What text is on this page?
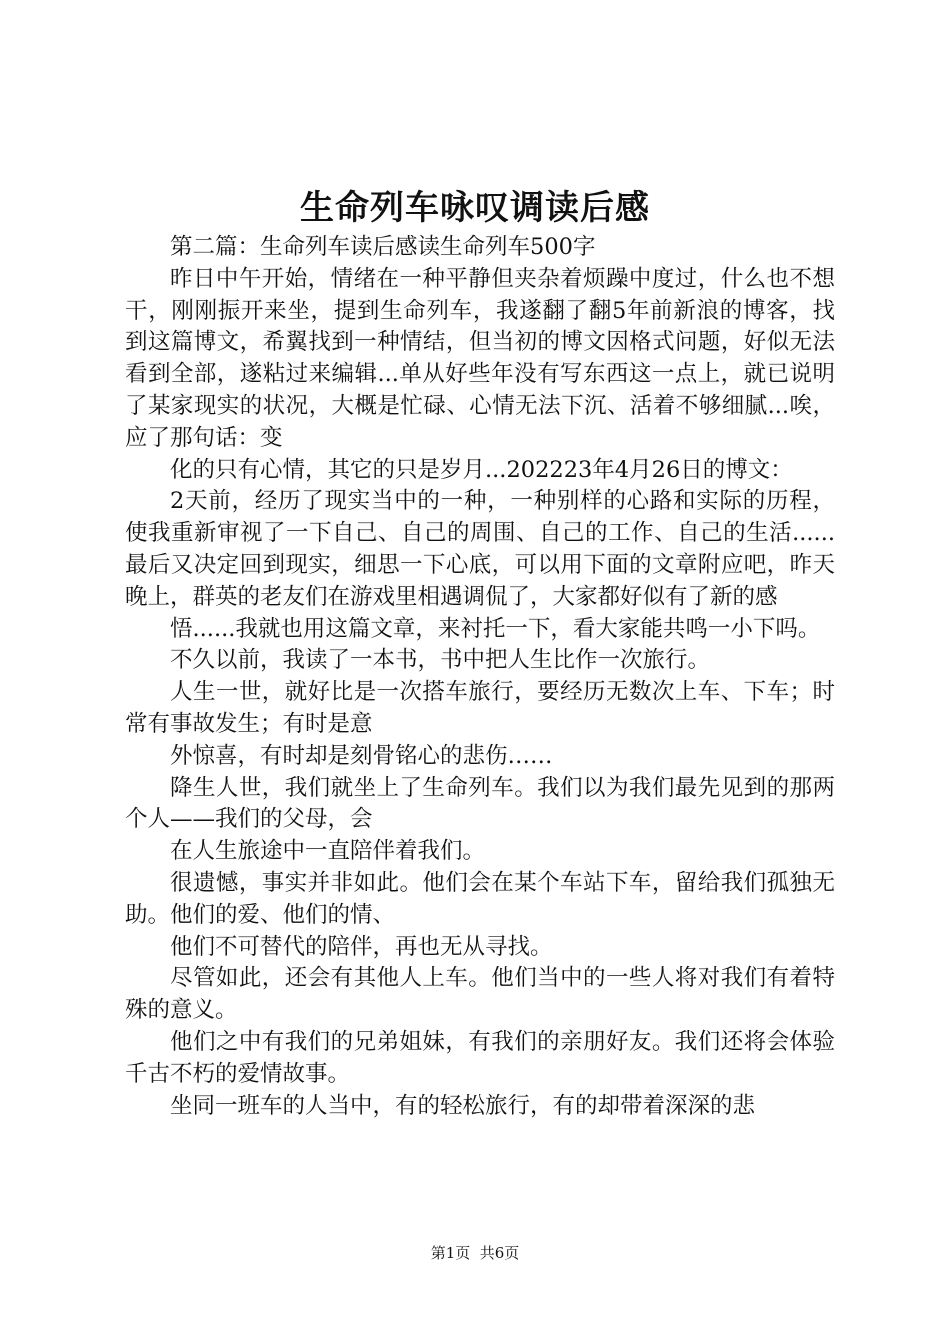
生命列车咏叹调读后感

第二篇：生命列车读后感读生命列车500字

昨日中午开始，情绪在一种平静但夹杂着烦躁中度过，什么也不想干，刚刚振开来坐，提到生命列车，我遂翻了翻5年前新浪的博客，找到这篇博文，希翼找到一种情结，但当初的博文因格式问题，好似无法看到全部，遂粘过来编辑...单从好些年没有写东西这一点上，就已说明了某家现实的状况，大概是忙碌、心情无法下沉、活着不够细腻...唉，应了那句话：变

化的只有心情，其它的只是岁月...202223年4月26日的博文：

2天前，经历了现实当中的一种，一种别样的心路和实际的历程，使我重新审视了一下自己、自己的周围、自己的工作、自己的生活......最后又决定回到现实，细思一下心底，可以用下面的文章附应吧，昨天晚上，群英的老友们在游戏里相遇调侃了，大家都好似有了新的感

悟......我就也用这篇文章，来衬托一下，看大家能共鸣一小下吗。

不久以前，我读了一本书，书中把人生比作一次旅行。

人生一世，就好比是一次搭车旅行，要经历无数次上车、下车；时常有事故发生；有时是意

外惊喜，有时却是刻骨铭心的悲伤……

降生人世，我们就坐上了生命列车。我们以为我们最先见到的那两个人——我们的父母，会

在人生旅途中一直陪伴着我们。

很遗憾，事实并非如此。他们会在某个车站下车，留给我们孤独无助。他们的爱、他们的情、

他们不可替代的陪伴，再也无从寻找。

尽管如此，还会有其他人上车。他们当中的一些人将对我们有着特殊的意义。

他们之中有我们的兄弟姐妹，有我们的亲朋好友。我们还将会体验千古不朽的爱情故事。

坐同一班车的人当中，有的轻松旅行，有的却带着深深的悲

第1页  共6页
